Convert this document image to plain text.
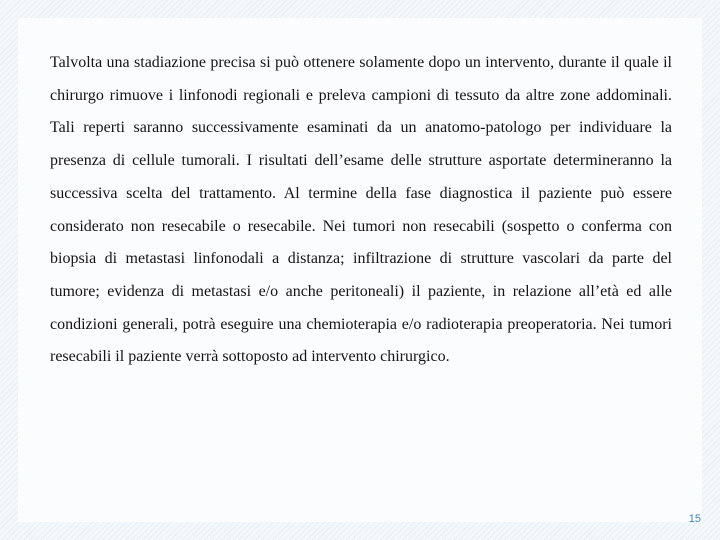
Talvolta una stadiazione precisa si può ottenere solamente dopo un intervento, durante il quale il chirurgo rimuove i linfonodi regionali e preleva campioni di tessuto da altre zone addominali. Tali reperti saranno successivamente esaminati da un anatomo-patologo per individuare la presenza di cellule tumorali. I risultati dell’esame delle strutture asportate determineranno la successiva scelta del trattamento. Al termine della fase diagnostica il paziente può essere considerato non resecabile o resecabile. Nei tumori non resecabili (sospetto o conferma con biopsia di metastasi linfonodali a distanza; infiltrazione di strutture vascolari da parte del tumore; evidenza di metastasi e/o anche peritoneali) il paziente, in relazione all’età ed alle condizioni generali, potrà eseguire una chemioterapia e/o radioterapia preoperatoria. Nei tumori resecabili il paziente verrà sottoposto ad intervento chirurgico.

15
